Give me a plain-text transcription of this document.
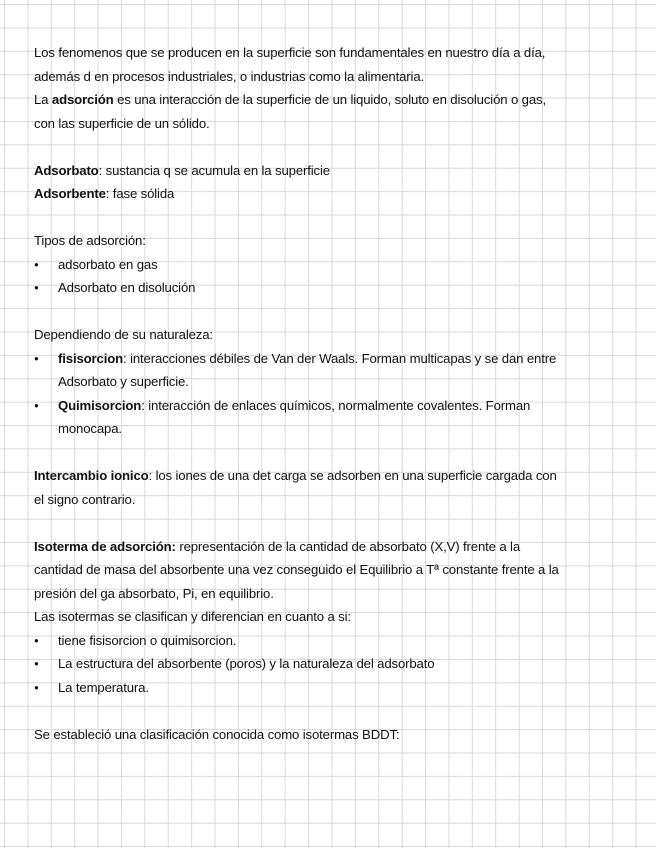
Los fenomenos que se producen en la superficie son fundamentales en nuestro día a día,
además d en procesos industriales, o industrias como la alimentaria.
La adsorción es una interacción de la superficie de un liquido, soluto en disolución o gas,
con las superficie de un sólido.
Adsorbato: sustancia q se acumula en la superficie
Adsorbente: fase sólida
Tipos de adsorción:
● adsorbato en gas
● Adsorbato en disolución
Dependiendo de su naturaleza:
● fisisorcion: interacciones débiles de Van der Waals. Forman multicapas y se dan entre
Adsorbato y superficie.
● Quimisorcion: interacción de enlaces químicos, normalmente covalentes. Forman
monocapa.
Intercambio ionico: los iones de una det carga se adsorben en una superficie cargada con
el signo contrario.
Isoterma de adsorción: representación de la cantidad de absorbato (X,V) frente a la
cantidad de masa del absorbente una vez conseguido el Equilibrio a Tª constante frente a la
presión del ga absorbato, Pi, en equilibrio.
Las isotermas se clasifican y diferencian en cuanto a si:
● tiene fisisorcion o quimisorcion.
● La estructura del absorbente (poros) y la naturaleza del adsorbato
● La temperatura.
Se estableció una clasificación conocida como isotermas BDDT:
